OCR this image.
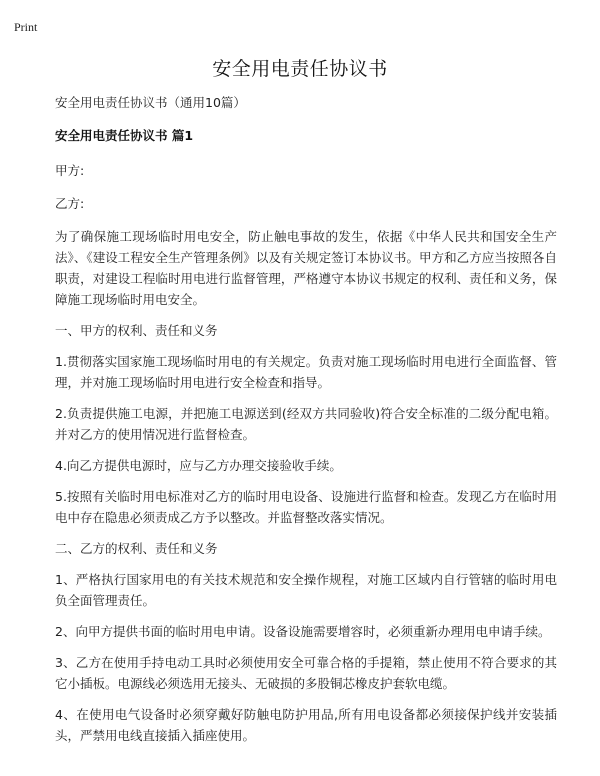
Print
安全用电责任协议书

安全用电责任协议书（通用10篇）

安全用电责任协议书 篇1

甲方:

乙方:

为了确保施工现场临时用电安全，防止触电事故的发生，依据《中华人民共和国安全生产法》、《建设工程安全生产管理条例》以及有关规定签订本协议书。甲方和乙方应当按照各自职责，对建设工程临时用电进行监督管理，严格遵守本协议书规定的权利、责任和义务，保障施工现场临时用电安全。

一、甲方的权利、责任和义务

1.贯彻落实国家施工现场临时用电的有关规定。负责对施工现场临时用电进行全面监督、管理，并对施工现场临时用电进行安全检查和指导。

2.负责提供施工电源，并把施工电源送到(经双方共同验收)符合安全标准的二级分配电箱。并对乙方的使用情况进行监督检查。

4.向乙方提供电源时，应与乙方办理交接验收手续。

5.按照有关临时用电标准对乙方的临时用电设备、设施进行监督和检查。发现乙方在临时用电中存在隐患必须责成乙方予以整改。并监督整改落实情况。

二、乙方的权利、责任和义务

1、严格执行国家用电的有关技术规范和安全操作规程，对施工区域内自行管辖的临时用电负全面管理责任。

2、向甲方提供书面的临时用电申请。设备设施需要增容时，必须重新办理用电申请手续。

3、乙方在使用手持电动工具时必须使用安全可靠合格的手提箱，禁止使用不符合要求的其它小插板。电源线必须选用无接头、无破损的多股铜芯橡皮护套软电缆。

4、在使用电气设备时必须穿戴好防触电防护用品,所有用电设备都必须接保护线并安装插头，严禁用电线直接插入插座使用。
